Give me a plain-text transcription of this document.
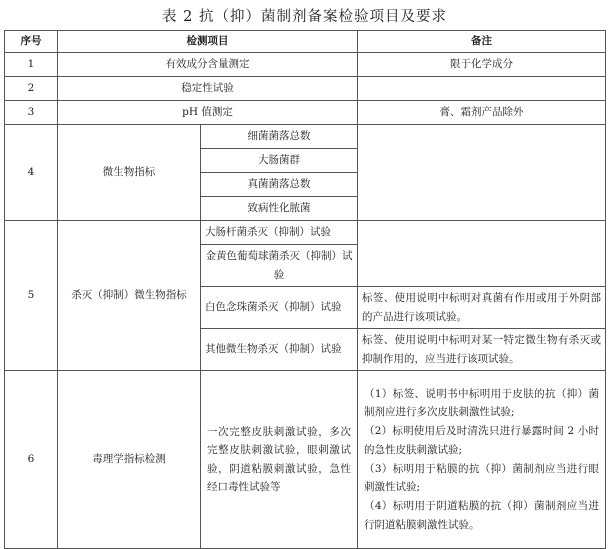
表 2 抗（抑）菌制剂备案检验项目及要求
序号	检测项目		备注
1	有效成分含量测定		限于化学成分
2	稳定性试验		
3	pH 值测定		膏、霜剂产品除外
4	微生物指标	细菌菌落总数	
		大肠菌群	
		真菌菌落总数	
		致病性化脓菌	
5	杀灭（抑制）微生物指标	大肠杆菌杀灭（抑制）试验	
		金黄色葡萄球菌杀灭（抑制）试验	
		白色念珠菌杀灭（抑制）试验	标签、使用说明中标明对真菌有作用或用于外阴部的产品进行该项试验。
		其他微生物杀灭（抑制）试验	标签、使用说明中标明对某一特定微生物有杀灭或抑制作用的，应当进行该项试验。
6	毒理学指标检测	一次完整皮肤刺激试验，多次完整皮肤刺激试验，眼刺激试验，阴道粘膜刺激试验，急性经口毒性试验等	（1）标签、说明书中标明用于皮肤的抗（抑）菌制剂应进行多次皮肤刺激性试验;
（2）标明使用后及时清洗只进行暴露时间 2 小时的急性皮肤刺激试验;
（3）标明用于粘膜的抗（抑）菌制剂应当进行眼刺激性试验;
（4）标明用于阴道粘膜的抗（抑）菌制剂应当进行阴道粘膜刺激性试验。
